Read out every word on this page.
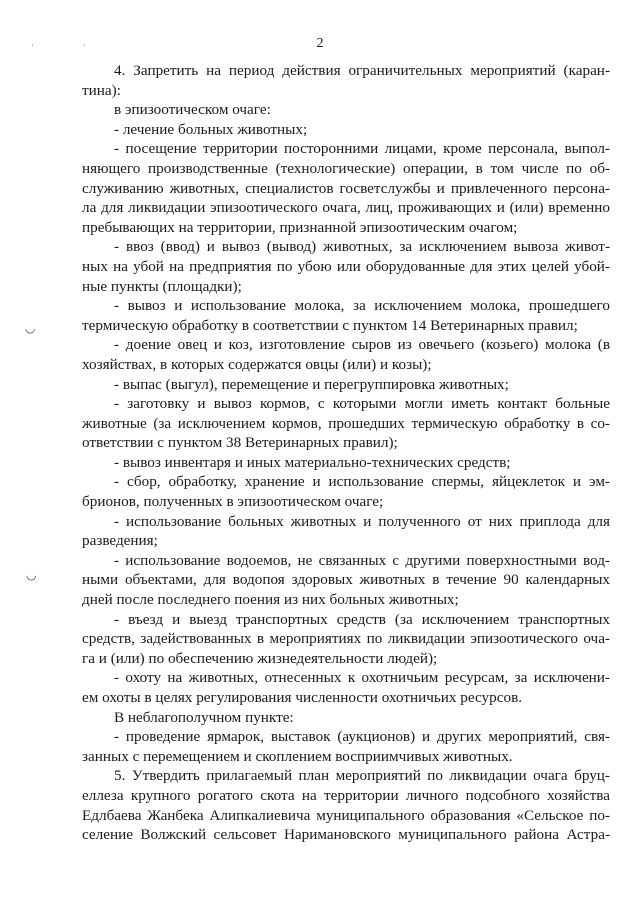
2
' '
◡
◡
4. Запретить на период действия ограничительных мероприятий (каран-
тина):
в эпизоотическом очаге:
- лечение больных животных;
- посещение территории посторонними лицами, кроме персонала, выпол-
няющего производственные (технологические) операции, в том числе по об-
служиванию животных, специалистов госветслужбы и привлеченного персона-
ла для ликвидации эпизоотического очага, лиц, проживающих и (или) временно
пребывающих на территории, признанной эпизоотическим очагом;
- ввоз (ввод) и вывоз (вывод) животных, за исключением вывоза живот-
ных на убой на предприятия по убою или оборудованные для этих целей убой-
ные пункты (площадки);
- вывоз и использование молока, за исключением молока, прошедшего
термическую обработку в соответствии с пунктом 14 Ветеринарных правил;
- доение овец и коз, изготовление сыров из овечьего (козьего) молока (в
хозяйствах, в которых содержатся овцы (или) и козы);
- выпас (выгул), перемещение и перегруппировка животных;
- заготовку и вывоз кормов, с которыми могли иметь контакт больные
животные (за исключением кормов, прошедших термическую обработку в со-
ответствии с пунктом 38 Ветеринарных правил);
- вывоз инвентаря и иных материально-технических средств;
- сбор, обработку, хранение и использование спермы, яйцеклеток и эм-
брионов, полученных в эпизоотическом очаге;
- использование больных животных и полученного от них приплода для
разведения;
- использование водоемов, не связанных с другими поверхностными вод-
ными объектами, для водопоя здоровых животных в течение 90 календарных
дней после последнего поения из них больных животных;
- въезд и выезд транспортных средств (за исключением транспортных
средств, задействованных в мероприятиях по ликвидации эпизоотического оча-
га и (или) по обеспечению жизнедеятельности людей);
- охоту на животных, отнесенных к охотничьим ресурсам, за исключени-
ем охоты в целях регулирования численности охотничьих ресурсов.
В неблагополучном пункте:
- проведение ярмарок, выставок (аукционов) и других мероприятий, свя-
занных с перемещением и скоплением восприимчивых животных.
5. Утвердить прилагаемый план мероприятий по ликвидации очага бруц-
еллеза крупного рогатого скота на территории личного подсобного хозяйства
Едлбаева Жанбека Алипкалиевича муниципального образования «Сельское по-
селение Волжский сельсовет Наримановского муниципального района Астра-
